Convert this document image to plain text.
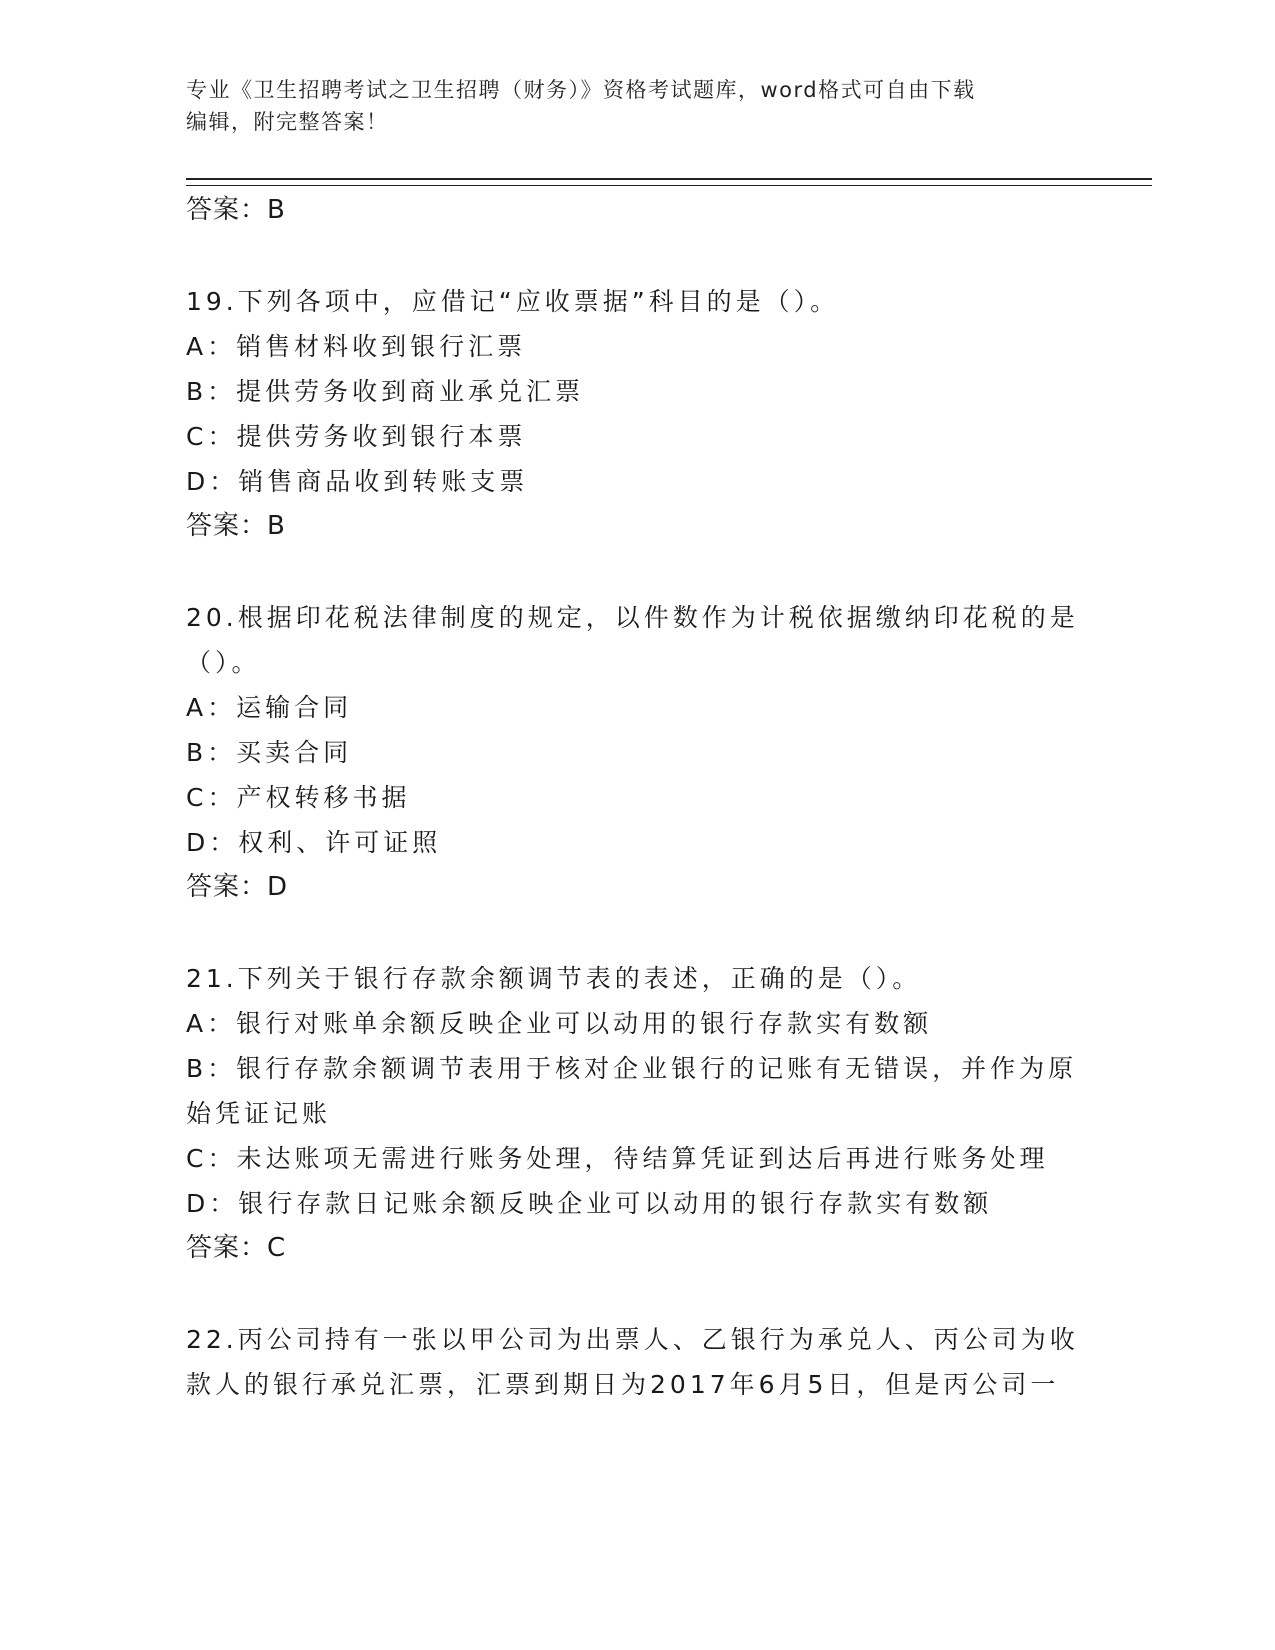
专业《卫生招聘考试之卫生招聘（财务）》资格考试题库，word格式可自由下载
编辑，附完整答案！
答案：B
19.下列各项中，应借记“应收票据”科目的是（）。
A：销售材料收到银行汇票
B：提供劳务收到商业承兑汇票
C：提供劳务收到银行本票
D：销售商品收到转账支票
答案：B
20.根据印花税法律制度的规定，以件数作为计税依据缴纳印花税的是
（）。
A：运输合同
B：买卖合同
C：产权转移书据
D：权利、许可证照
答案：D
21.下列关于银行存款余额调节表的表述，正确的是（）。
A：银行对账单余额反映企业可以动用的银行存款实有数额
B：银行存款余额调节表用于核对企业银行的记账有无错误，并作为原
始凭证记账
C：未达账项无需进行账务处理，待结算凭证到达后再进行账务处理
D：银行存款日记账余额反映企业可以动用的银行存款实有数额
答案：C
22.丙公司持有一张以甲公司为出票人、乙银行为承兑人、丙公司为收
款人的银行承兑汇票，汇票到期日为2017年6月5日，但是丙公司一
